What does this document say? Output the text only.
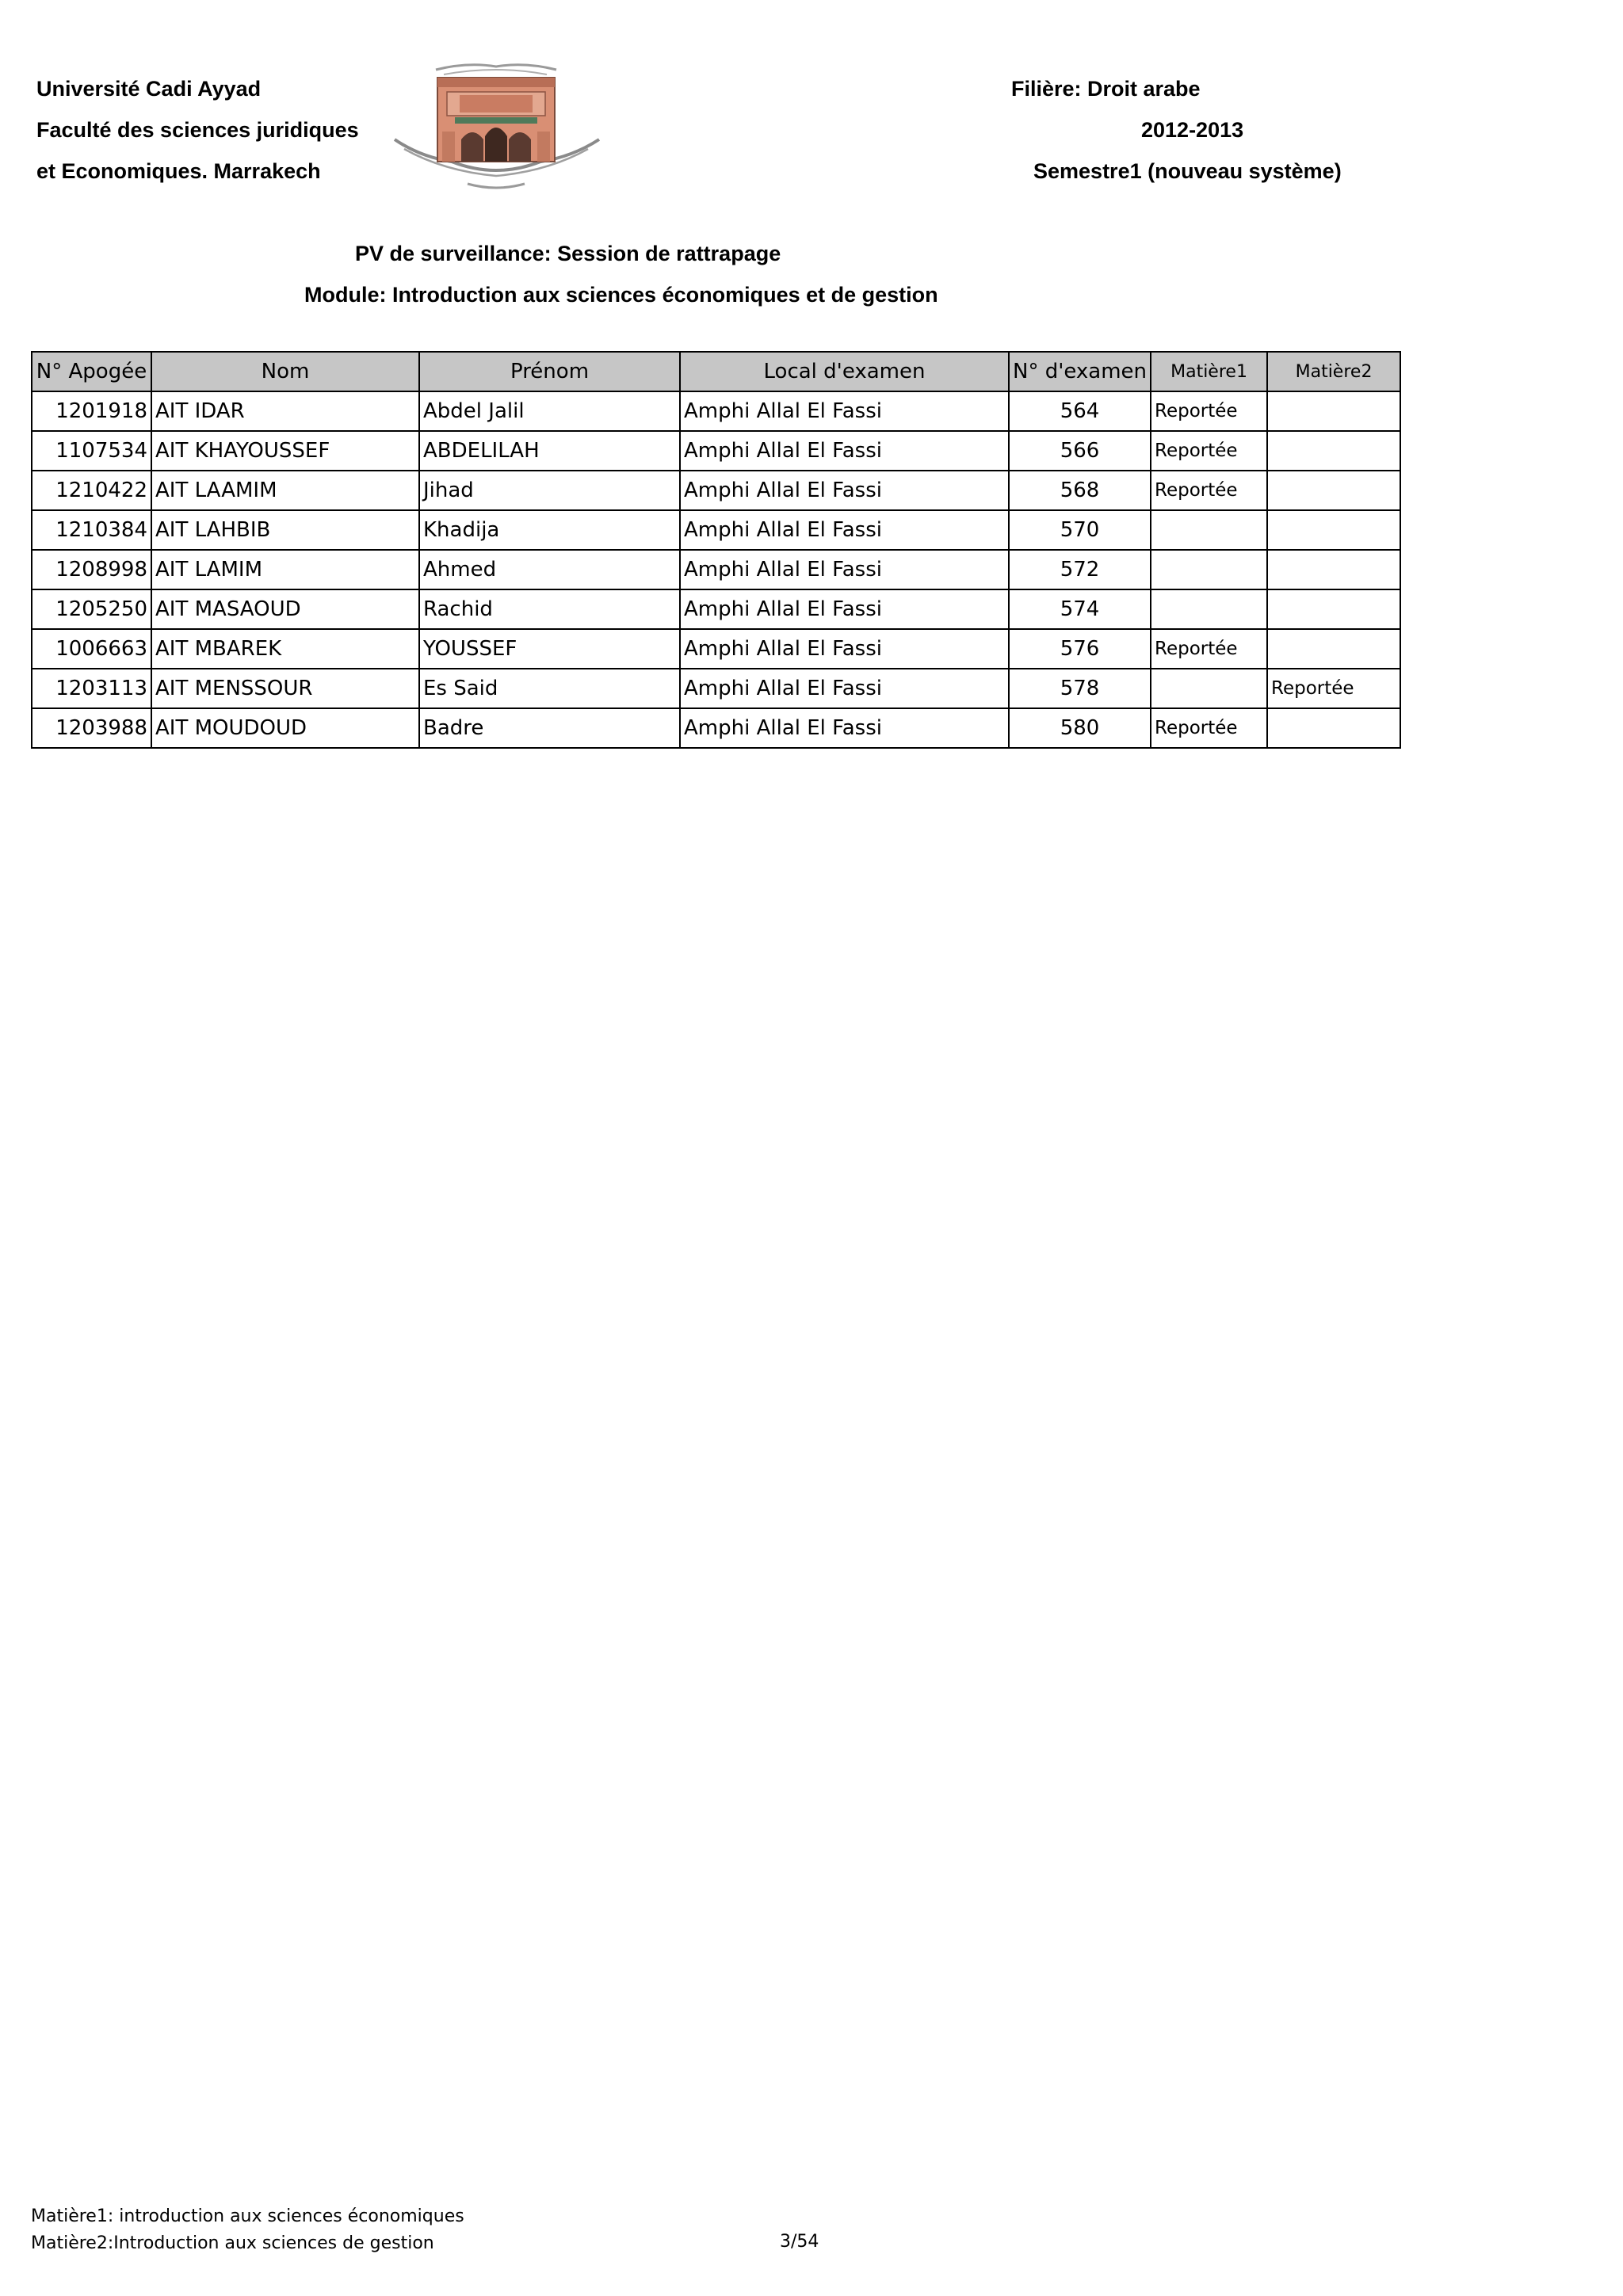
Université Cadi Ayyad
Faculté des sciences juridiques
et Economiques. Marrakech
Filière: Droit arabe
2012-2013
Semestre1 (nouveau système)
PV de surveillance: Session de rattrapage
Module: Introduction aux sciences économiques et de gestion
N° Apogée	Nom	Prénom	Local d'examen	N° d'examen	Matière1	Matière2
1201918	AIT IDAR	Abdel Jalil	Amphi Allal El Fassi	564	Reportée	
1107534	AIT KHAYOUSSEF	ABDELILAH	Amphi Allal El Fassi	566	Reportée	
1210422	AIT LAAMIM	Jihad	Amphi Allal El Fassi	568	Reportée	
1210384	AIT LAHBIB	Khadija	Amphi Allal El Fassi	570		
1208998	AIT LAMIM	Ahmed	Amphi Allal El Fassi	572		
1205250	AIT MASAOUD	Rachid	Amphi Allal El Fassi	574		
1006663	AIT MBAREK	YOUSSEF	Amphi Allal El Fassi	576	Reportée	
1203113	AIT MENSSOUR	Es Said	Amphi Allal El Fassi	578		Reportée
1203988	AIT MOUDOUD	Badre	Amphi Allal El Fassi	580	Reportée	
Matière1: introduction aux sciences économiques
Matière2:Introduction aux sciences de gestion	3/54
